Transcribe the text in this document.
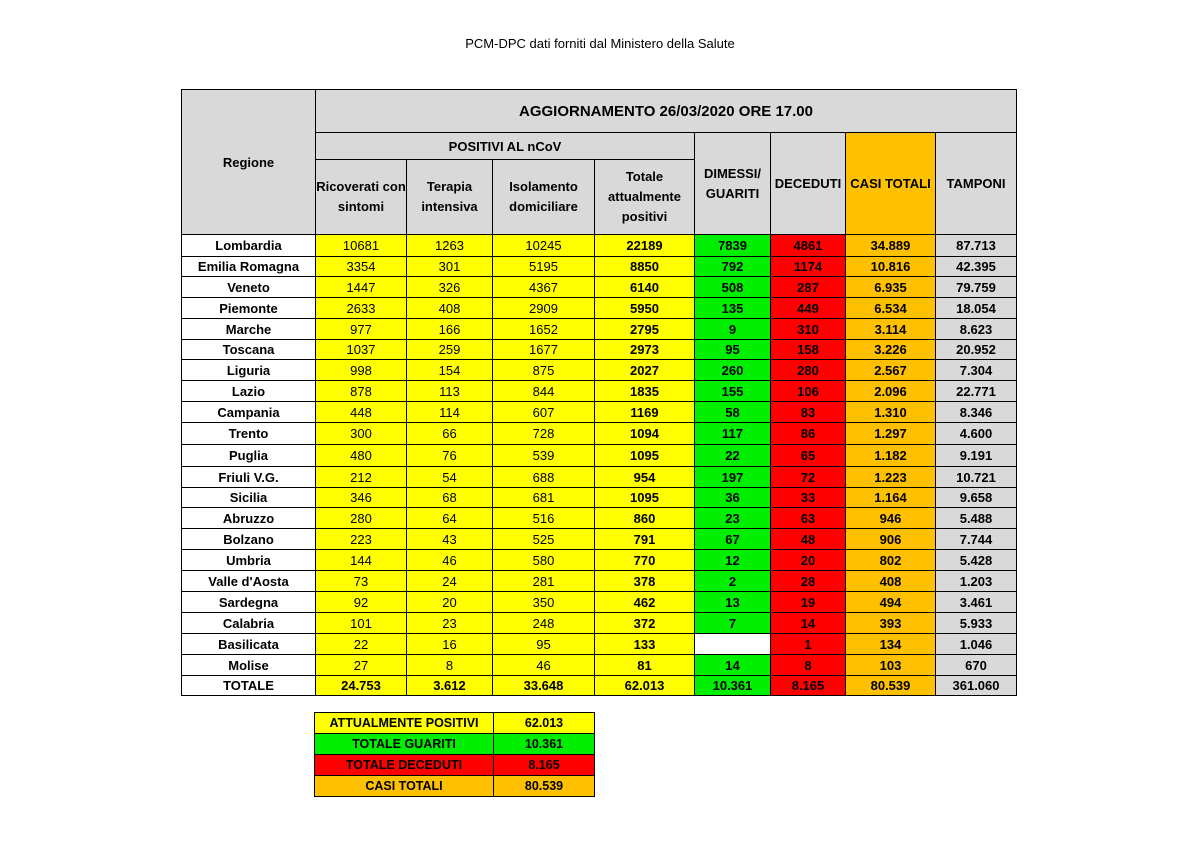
PCM-DPC dati forniti dal Ministero della Salute
Regione	AGGIORNAMENTO 26/03/2020 ORE 17.00							
	POSITIVI AL nCoV				DIMESSI/ GUARITI	DECEDUTI	CASI TOTALI	TAMPONI
	Ricoverati con sintomi	Terapia intensiva	Isolamento domiciliare	Totale attualmente positivi				
Lombardia	10681	1263	10245	22189	7839	4861	34.889	87.713
Emilia Romagna	3354	301	5195	8850	792	1174	10.816	42.395
Veneto	1447	326	4367	6140	508	287	6.935	79.759
Piemonte	2633	408	2909	5950	135	449	6.534	18.054
Marche	977	166	1652	2795	9	310	3.114	8.623
Toscana	1037	259	1677	2973	95	158	3.226	20.952
Liguria	998	154	875	2027	260	280	2.567	7.304
Lazio	878	113	844	1835	155	106	2.096	22.771
Campania	448	114	607	1169	58	83	1.310	8.346
Trento	300	66	728	1094	117	86	1.297	4.600
Puglia	480	76	539	1095	22	65	1.182	9.191
Friuli V.G.	212	54	688	954	197	72	1.223	10.721
Sicilia	346	68	681	1095	36	33	1.164	9.658
Abruzzo	280	64	516	860	23	63	946	5.488
Bolzano	223	43	525	791	67	48	906	7.744
Umbria	144	46	580	770	12	20	802	5.428
Valle d'Aosta	73	24	281	378	2	28	408	1.203
Sardegna	92	20	350	462	13	19	494	3.461
Calabria	101	23	248	372	7	14	393	5.933
Basilicata	22	16	95	133		1	134	1.046
Molise	27	8	46	81	14	8	103	670
TOTALE	24.753	3.612	33.648	62.013	10.361	8.165	80.539	361.060
ATTUALMENTE POSITIVI	62.013
TOTALE GUARITI	10.361
TOTALE DECEDUTI	8.165
CASI TOTALI	80.539
